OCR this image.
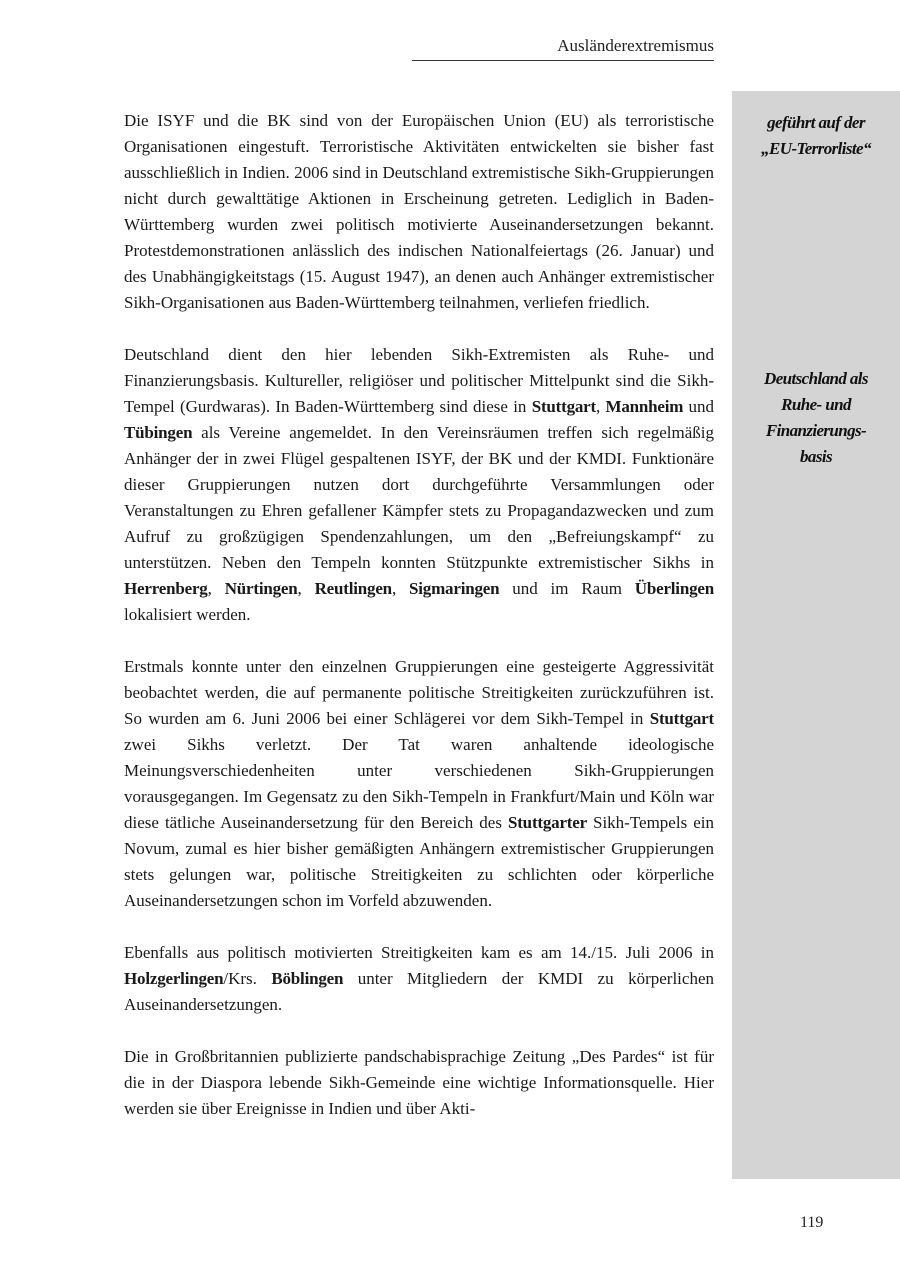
Ausländerextremismus
geführt auf der
„EU-Terrorliste“
Deutschland als
Ruhe- und
Finanzierungs-
basis

Die ISYF und die BK sind von der Europäischen Union (EU) als terroristische Organisationen eingestuft. Terroristische Aktivitäten entwickelten sie bisher fast ausschließlich in Indien. 2006 sind in Deutschland extremistische Sikh-Gruppierungen nicht durch gewalttätige Aktionen in Erscheinung getreten. Lediglich in Baden-Württemberg wurden zwei politisch motivierte Auseinandersetzungen bekannt. Protestdemonstrationen anlässlich des indischen Nationalfeiertags (26. Januar) und des Unabhängigkeitstags (15. August 1947), an denen auch Anhänger extremistischer Sikh-Organisationen aus Baden-Württemberg teilnahmen, verliefen friedlich.

Deutschland dient den hier lebenden Sikh-Extremisten als Ruhe- und Finanzierungsbasis. Kultureller, religiöser und politischer Mittelpunkt sind die Sikh-Tempel (Gurdwaras). In Baden-Württemberg sind diese in Stuttgart, Mannheim und Tübingen als Vereine angemeldet. In den Vereinsräumen treffen sich regelmäßig Anhänger der in zwei Flügel gespaltenen ISYF, der BK und der KMDI. Funktionäre dieser Gruppierungen nutzen dort durchgeführte Versammlungen oder Veranstaltungen zu Ehren gefallener Kämpfer stets zu Propagandazwecken und zum Aufruf zu großzügigen Spendenzahlungen, um den „Befreiungskampf“ zu unterstützen. Neben den Tempeln konnten Stützpunkte extremistischer Sikhs in Herrenberg, Nürtingen, Reutlingen, Sigmaringen und im Raum Überlingen lokalisiert werden.

Erstmals konnte unter den einzelnen Gruppierungen eine gesteigerte Aggressivität beobachtet werden, die auf permanente politische Streitigkeiten zurückzuführen ist. So wurden am 6. Juni 2006 bei einer Schlägerei vor dem Sikh-Tempel in Stuttgart zwei Sikhs verletzt. Der Tat waren anhaltende ideologische Meinungsverschiedenheiten unter verschiedenen Sikh-Gruppierungen vorausgegangen. Im Gegensatz zu den Sikh-Tempeln in Frankfurt/Main und Köln war diese tätliche Auseinandersetzung für den Bereich des Stuttgarter Sikh-Tempels ein Novum, zumal es hier bisher gemäßigten Anhängern extremistischer Gruppierungen stets gelungen war, politische Streitigkeiten zu schlichten oder körperliche Auseinandersetzungen schon im Vorfeld abzuwenden.

Ebenfalls aus politisch motivierten Streitigkeiten kam es am 14./15. Juli 2006 in Holzgerlingen/Krs. Böblingen unter Mitgliedern der KMDI zu körperlichen Auseinandersetzungen.

Die in Großbritannien publizierte pandschabisprachige Zeitung „Des Pardes“ ist für die in der Diaspora lebende Sikh-Gemeinde eine wichtige Informationsquelle. Hier werden sie über Ereignisse in Indien und über Akti-

119
